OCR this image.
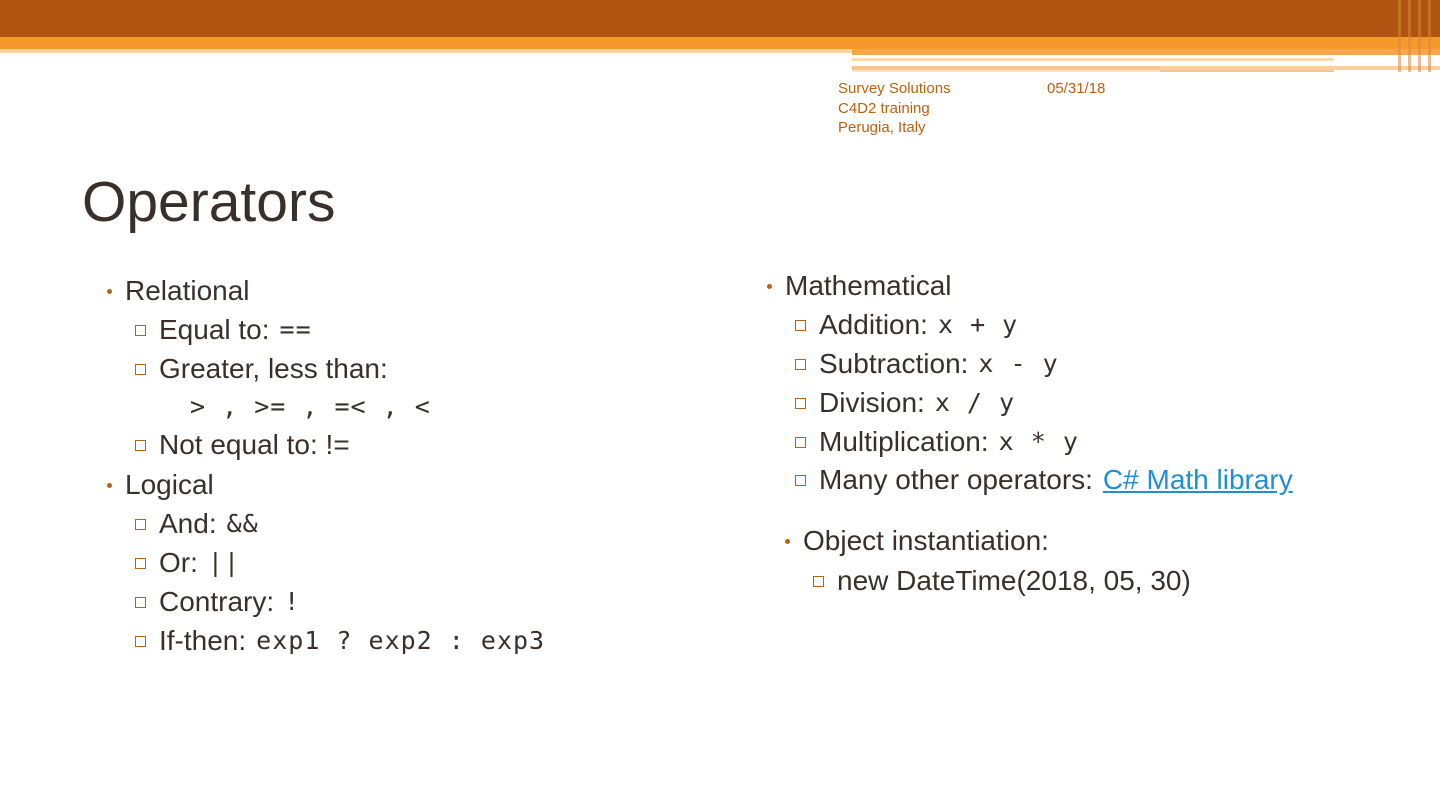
Survey Solutions
C4D2 training
Perugia, Italy
05/31/18
Operators
Relational
Equal to: ==
Greater, less than:
> , >= , =< , <
Not equal to: !=
Logical
And: &&
Or: ||
Contrary: !
If-then: exp1 ? exp2 : exp3
Mathematical
Addition: x + y
Subtraction: x - y
Division: x / y
Multiplication: x * y
Many other operators: C# Math library
Object instantiation:
new DateTime(2018, 05, 30)
